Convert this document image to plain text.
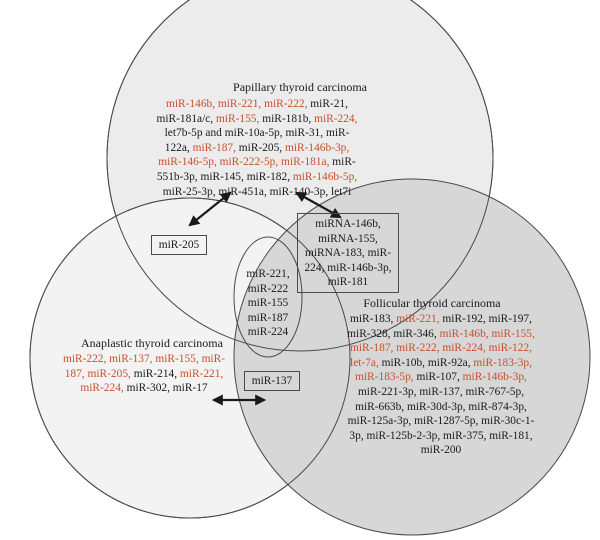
Papillary thyroid carcinoma
miR-146b, miR-221, miR-222, miR-21, miR-181a/c, miR-155, miR-181b, miR-224, let7b-5p and miR-10a-5p, miR-31, miR-122a, miR-187, miR-205, miR-146b-3p, miR-146-5p, miR-222-5p, miR-181a, miR-551b-3p, miR-145, miR-182, miR-146b-5p, miR-25-3p, miR-451a, miR-140-3p, let7i
miR-205
miRNA-146b,
miRNA-155,
miRNA-183, miR-
224, miR-146b-3p,
miR-181
miR-221,
miR-222
miR-155
miR-187
miR-224
Anaplastic thyroid carcinoma
miR-222, miR-137, miR-155, miR-187, miR-205, miR-214, miR-221, miR-224, miR-302, miR-17
miR-137
Follicular thyroid carcinoma
miR-183, miR-221, miR-192, miR-197, miR-328, miR-346, miR-146b, miR-155, miR-187, miR-222, miR-224, miR-122, let-7a, miR-10b, miR-92a, miR-183-3p, miR-183-5p, miR-107, miR-146b-3p, miR-221-3p, miR-137, miR-767-5p, miR-663b, miR-30d-3p, miR-874-3p, miR-125a-3p, miR-1287-5p, miR-30c-1-3p, miR-125b-2-3p, miR-375, miR-181, miR-200
